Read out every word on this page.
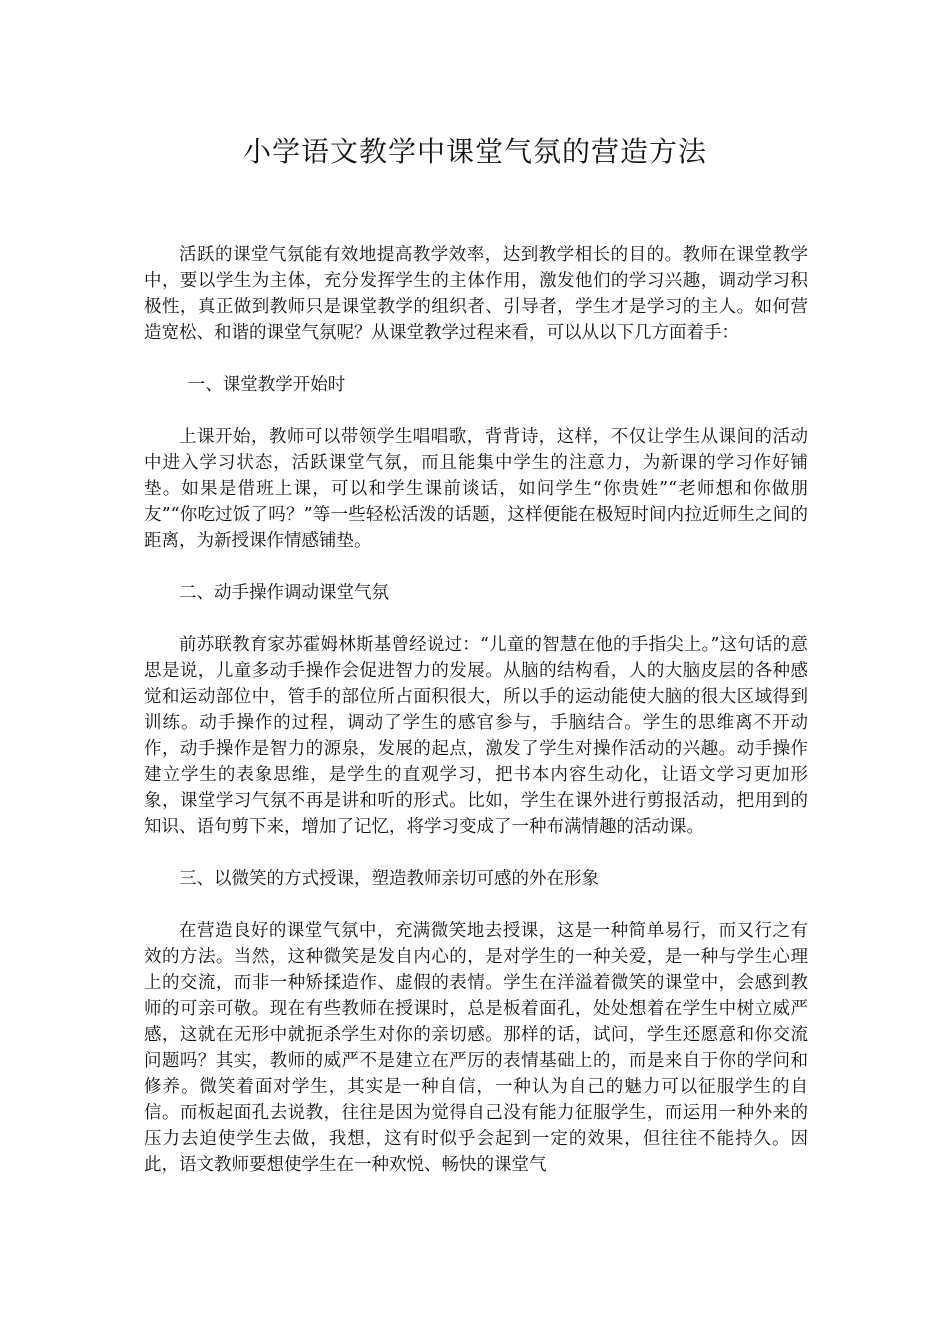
小学语文教学中课堂气氛的营造方法

活跃的课堂气氛能有效地提高教学效率，达到教学相长的目的。教师在课堂教学中，要以学生为主体，充分发挥学生的主体作用，激发他们的学习兴趣，调动学习积极性，真正做到教师只是课堂教学的组织者、引导者，学生才是学习的主人。如何营造宽松、和谐的课堂气氛呢？从课堂教学过程来看，可以从以下几方面着手：

一、课堂教学开始时

上课开始，教师可以带领学生唱唱歌，背背诗，这样，不仅让学生从课间的活动中进入学习状态，活跃课堂气氛，而且能集中学生的注意力，为新课的学习作好铺垫。如果是借班上课，可以和学生课前谈话，如问学生“你贵姓”“老师想和你做朋友”“你吃过饭了吗？”等一些轻松活泼的话题，这样便能在极短时间内拉近师生之间的距离，为新授课作情感铺垫。

二、动手操作调动课堂气氛

前苏联教育家苏霍姆林斯基曾经说过：“儿童的智慧在他的手指尖上。”这句话的意思是说，儿童多动手操作会促进智力的发展。从脑的结构看，人的大脑皮层的各种感觉和运动部位中，管手的部位所占面积很大，所以手的运动能使大脑的很大区域得到训练。动手操作的过程，调动了学生的感官参与，手脑结合。学生的思维离不开动作，动手操作是智力的源泉，发展的起点，激发了学生对操作活动的兴趣。动手操作建立学生的表象思维，是学生的直观学习，把书本内容生动化，让语文学习更加形象，课堂学习气氛不再是讲和听的形式。比如，学生在课外进行剪报活动，把用到的知识、语句剪下来，增加了记忆，将学习变成了一种布满情趣的活动课。

三、以微笑的方式授课，塑造教师亲切可感的外在形象

在营造良好的课堂气氛中，充满微笑地去授课，这是一种简单易行，而又行之有效的方法。当然，这种微笑是发自内心的，是对学生的一种关爱，是一种与学生心理上的交流，而非一种矫揉造作、虚假的表情。学生在洋溢着微笑的课堂中，会感到教师的可亲可敬。现在有些教师在授课时，总是板着面孔，处处想着在学生中树立威严感，这就在无形中就扼杀学生对你的亲切感。那样的话，试问，学生还愿意和你交流问题吗？其实，教师的威严不是建立在严厉的表情基础上的，而是来自于你的学问和修养。微笑着面对学生，其实是一种自信，一种认为自己的魅力可以征服学生的自信。而板起面孔去说教，往往是因为觉得自己没有能力征服学生，而运用一种外来的压力去迫使学生去做，我想，这有时似乎会起到一定的效果，但往往不能持久。因此，语文教师要想使学生在一种欢悦、畅快的课堂气
